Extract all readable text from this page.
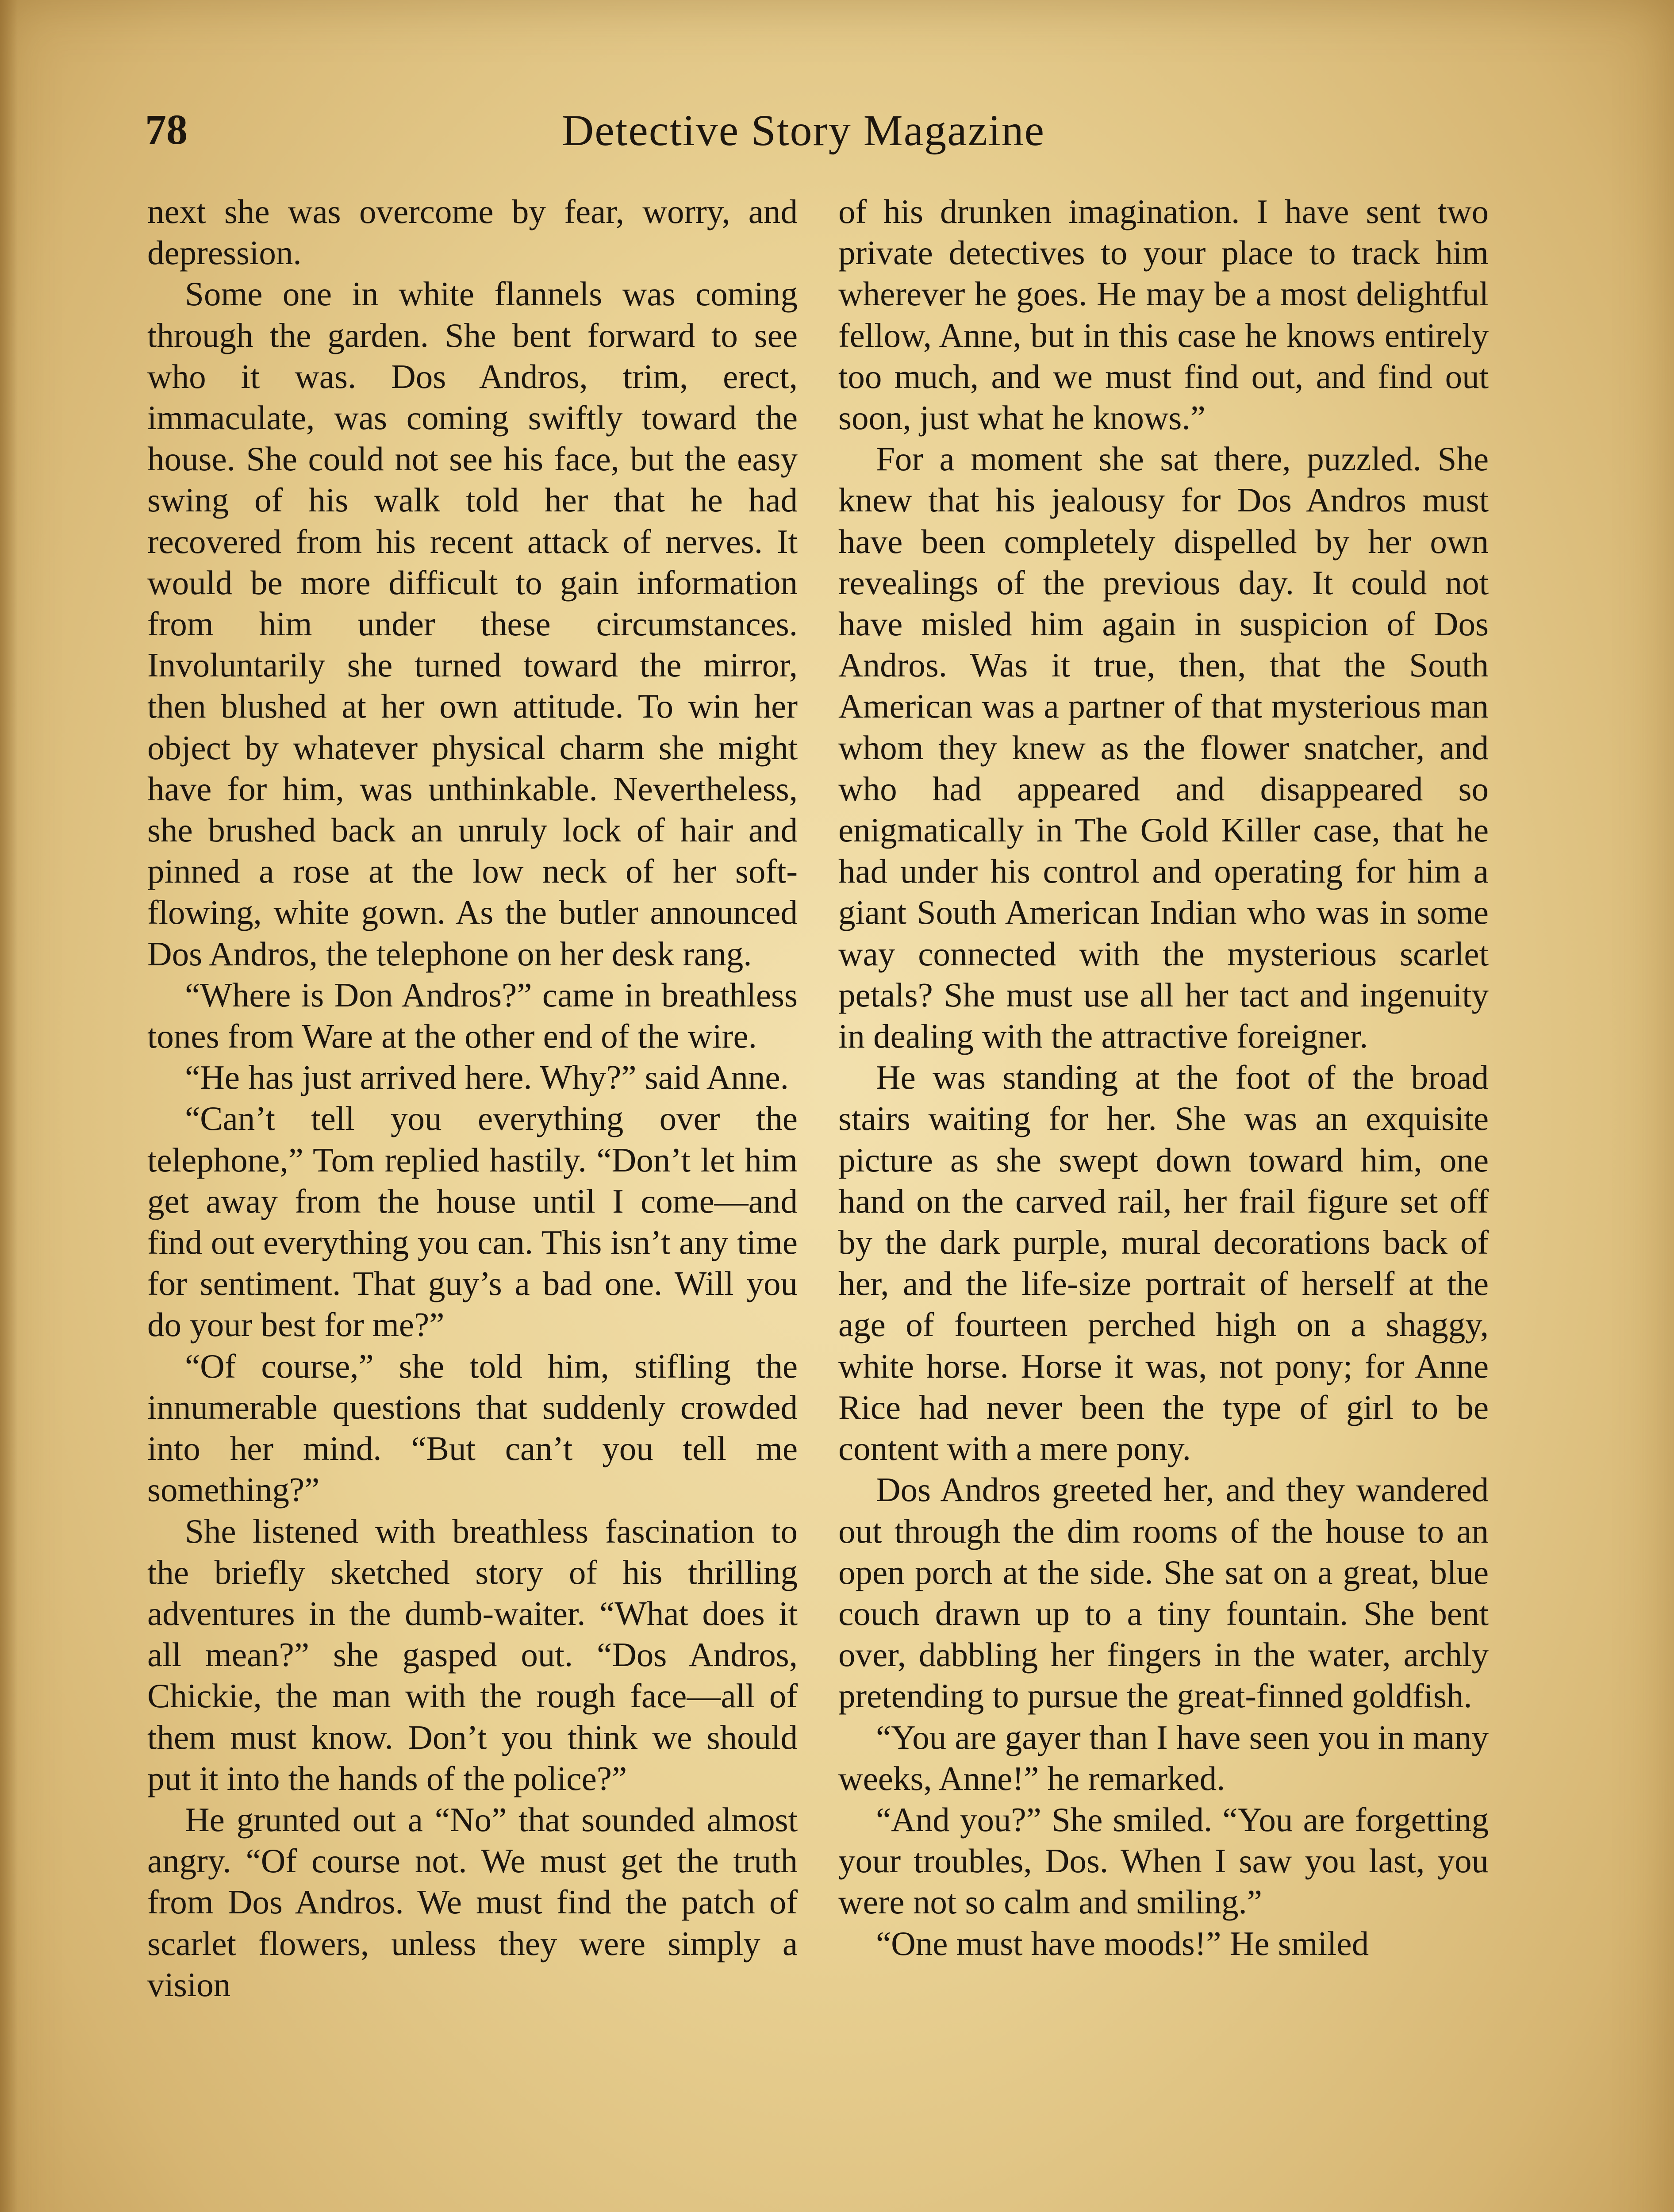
78	Detective Story Magazine

next she was overcome by fear, worry, and depression.

Some one in white flannels was coming through the garden. She bent forward to see who it was. Dos Andros, trim, erect, immaculate, was coming swiftly toward the house. She could not see his face, but the easy swing of his walk told her that he had recovered from his recent attack of nerves. It would be more difficult to gain information from him under these circumstances. Involuntarily she turned toward the mirror, then blushed at her own attitude. To win her object by whatever physical charm she might have for him, was unthinkable. Nevertheless, she brushed back an unruly lock of hair and pinned a rose at the low neck of her soft-flowing, white gown. As the butler announced Dos Andros, the telephone on her desk rang.

“Where is Don Andros?” came in breathless tones from Ware at the other end of the wire.

“He has just arrived here. Why?” said Anne.

“Can’t tell you everything over the telephone,” Tom replied hastily. “Don’t let him get away from the house until I come—and find out everything you can. This isn’t any time for sentiment. That guy’s a bad one. Will you do your best for me?”

“Of course,” she told him, stifling the innumerable questions that suddenly crowded into her mind. “But can’t you tell me something?”

She listened with breathless fascination to the briefly sketched story of his thrilling adventures in the dumb-waiter. “What does it all mean?” she gasped out. “Dos Andros, Chickie, the man with the rough face—all of them must know. Don’t you think we should put it into the hands of the police?”

He grunted out a “No” that sounded almost angry. “Of course not. We must get the truth from Dos Andros. We must find the patch of scarlet flowers, unless they were simply a vision

of his drunken imagination. I have sent two private detectives to your place to track him wherever he goes. He may be a most delightful fellow, Anne, but in this case he knows entirely too much, and we must find out, and find out soon, just what he knows.”

For a moment she sat there, puzzled. She knew that his jealousy for Dos Andros must have been completely dispelled by her own revealings of the previous day. It could not have misled him again in suspicion of Dos Andros. Was it true, then, that the South American was a partner of that mysterious man whom they knew as the flower snatcher, and who had appeared and disappeared so enigmatically in The Gold Killer case, that he had under his control and operating for him a giant South American Indian who was in some way connected with the mysterious scarlet petals? She must use all her tact and ingenuity in dealing with the attractive foreigner.

He was standing at the foot of the broad stairs waiting for her. She was an exquisite picture as she swept down toward him, one hand on the carved rail, her frail figure set off by the dark purple, mural decorations back of her, and the life-size portrait of herself at the age of fourteen perched high on a shaggy, white horse. Horse it was, not pony; for Anne Rice had never been the type of girl to be content with a mere pony.

Dos Andros greeted her, and they wandered out through the dim rooms of the house to an open porch at the side. She sat on a great, blue couch drawn up to a tiny fountain. She bent over, dabbling her fingers in the water, archly pretending to pursue the great-finned goldfish.

“You are gayer than I have seen you in many weeks, Anne!” he remarked.

“And you?” She smiled. “You are forgetting your troubles, Dos. When I saw you last, you were not so calm and smiling.”

“One must have moods!” He smiled
